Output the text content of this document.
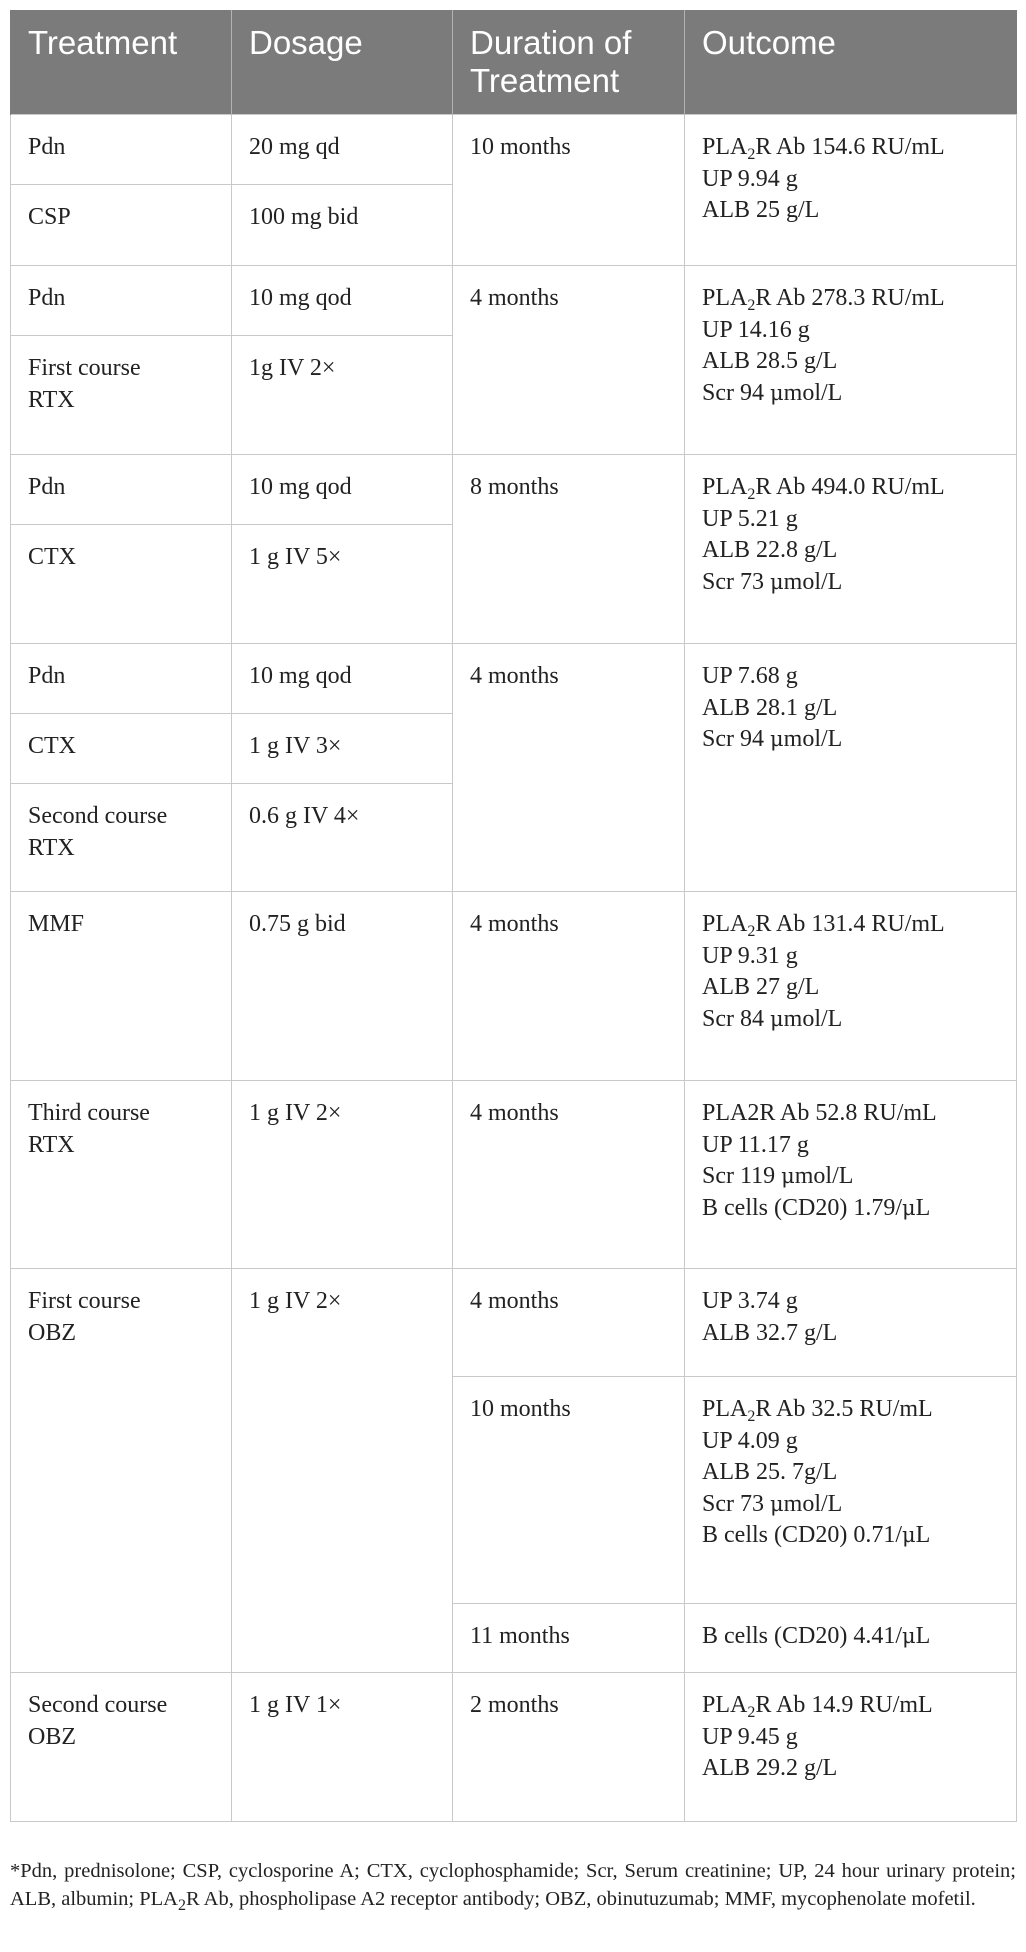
Treatment	Dosage	Duration of Treatment	Outcome

Pdn	20 mg qd	10 months	$PLA_2R$ Ab 154.6 RU/mL
UP 9.94 g
ALB 25 g/L

CSP	100 mg bid		

Pdn	10 mg qod	4 months	$PLA_2R$ Ab 278.3 RU/mL
UP 14.16 g
ALB 28.5 g/L
Scr 94 μmol/L

First course
RTX	1g IV 2×		

Pdn	10 mg qod	8 months	$PLA_2R$ Ab 494.0 RU/mL
UP 5.21 g
ALB 22.8 g/L
Scr 73 μmol/L

CTX	1 g IV 5×		

Pdn	10 mg qod	4 months	UP 7.68 g
ALB 28.1 g/L
Scr 94 μmol/L

CTX	1 g IV 3×		

Second course
RTX	0.6 g IV 4×		

MMF	0.75 g bid	4 months	$PLA_2R$ Ab 131.4 RU/mL
UP 9.31 g
ALB 27 g/L
Scr 84 μmol/L

Third course
RTX	1 g IV 2×	4 months	PLA2R Ab 52.8 RU/mL
UP 11.17 g
Scr 119 μmol/L
B cells (CD20) 1.79/μL

First course
OBZ	1 g IV 2×	4 months	UP 3.74 g
ALB 32.7 g/L

		10 months	$PLA_2R$ Ab 32.5 RU/mL
UP 4.09 g
ALB 25. 7g/L
Scr 73 μmol/L
B cells (CD20) 0.71/μL

		11 months	B cells (CD20) 4.41/μL

Second course
OBZ	1 g IV 1×	2 months	$PLA_2R$ Ab 14.9 RU/mL
UP 9.45 g
ALB 29.2 g/L

*Pdn, prednisolone; CSP, cyclosporine A; CTX, cyclophosphamide; Scr, Serum creatinine; UP, 24 hour urinary protein; ALB, albumin; $PLA_2R$ Ab, phospholipase A2 receptor antibody; OBZ, obinutuzumab; MMF, mycophenolate mofetil.
